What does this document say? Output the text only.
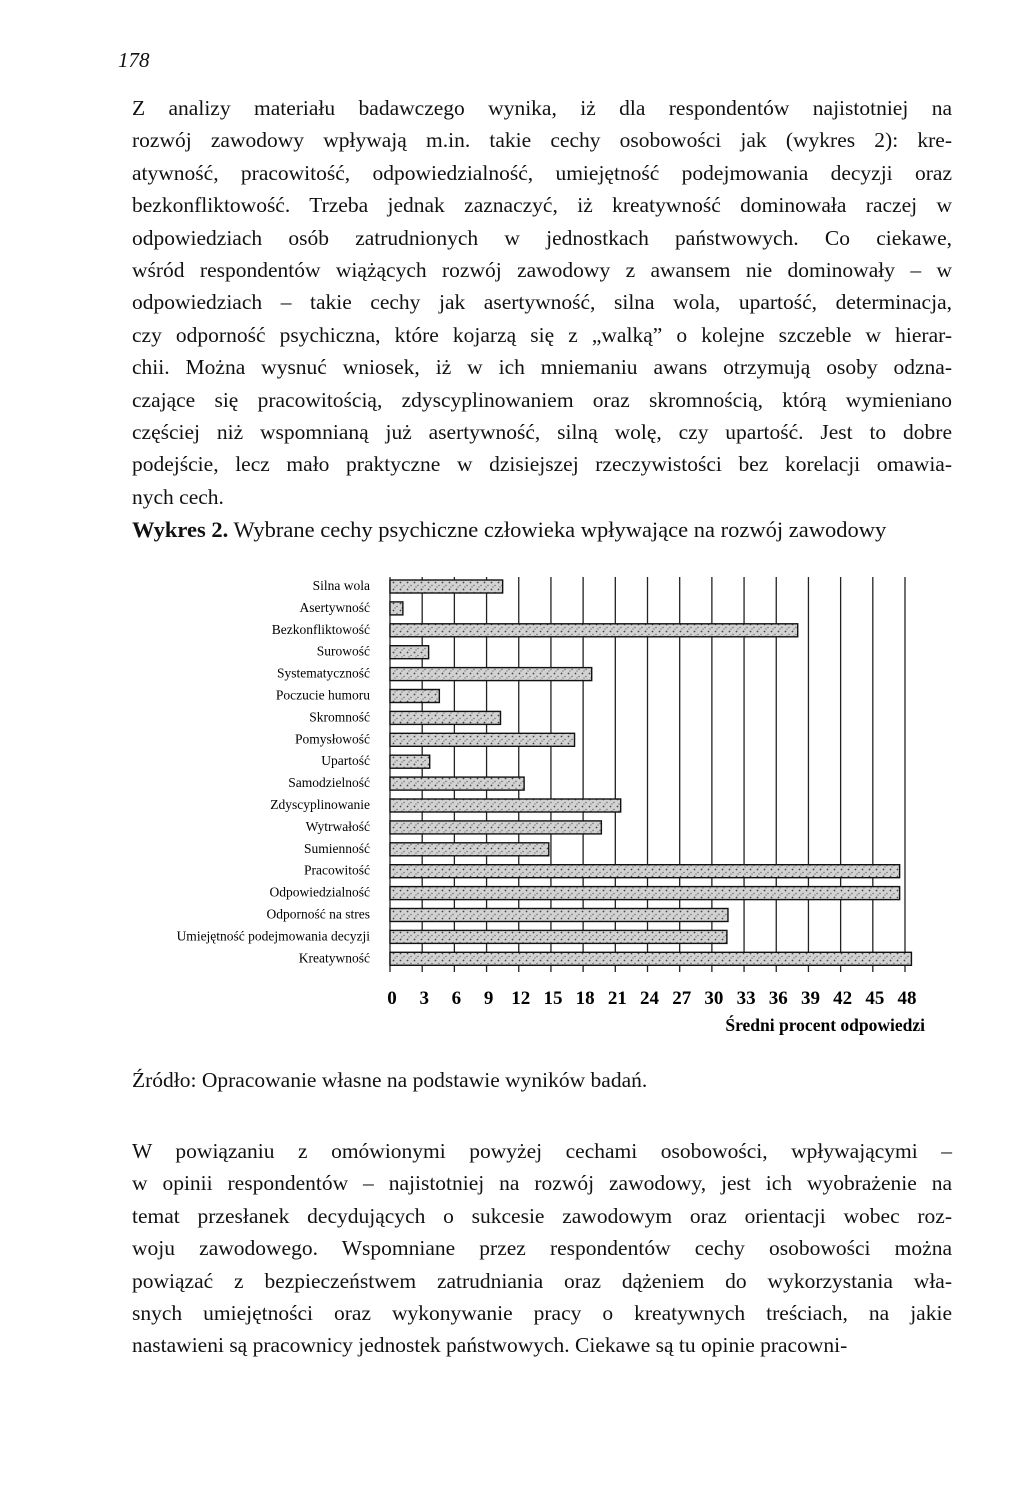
178
Z analizy materiału badawczego wynika, iż dla respondentów najistotniej na
rozwój zawodowy wpływają m.in. takie cechy osobowości jak (wykres 2): kre-
atywność, pracowitość, odpowiedzialność, umiejętność podejmowania decyzji oraz
bezkonfliktowość. Trzeba jednak zaznaczyć, iż kreatywność dominowała raczej w
odpowiedziach osób zatrudnionych w jednostkach państwowych. Co ciekawe,
wśród respondentów wiążących rozwój zawodowy z awansem nie dominowały – w
odpowiedziach – takie cechy jak asertywność, silna wola, upartość, determinacja,
czy odporność psychiczna, które kojarzą się z „walką” o kolejne szczeble w hierar-
chii. Można wysnuć wniosek, iż w ich mniemaniu awans otrzymują osoby odzna-
czające się pracowitością, zdyscyplinowaniem oraz skromnością, którą wymieniano
częściej niż wspomnianą już asertywność, silną wolę, czy upartość. Jest to dobre
podejście, lecz mało praktyczne w dzisiejszej rzeczywistości bez korelacji omawia-
nych cech.
Wykres 2. Wybrane cechy psychiczne człowieka wpływające na rozwój zawodowy
Silna wola
Asertywność
Bezkonfliktowość
Surowość
Systematyczność
Poczucie humoru
Skromność
Pomysłowość
Upartość
Samodzielność
Zdyscyplinowanie
Wytrwałość
Sumienność
Pracowitość
Odpowiedzialność
Odporność na stres
Umiejętność podejmowania decyzji
Kreatywność
0 3 6 9 12 15 18 21 24 27 30 33 36 39 42 45 48
Średni procent odpowiedzi
Źródło: Opracowanie własne na podstawie wyników badań.
W powiązaniu z omówionymi powyżej cechami osobowości, wpływającymi –
w opinii respondentów – najistotniej na rozwój zawodowy, jest ich wyobrażenie na
temat przesłanek decydujących o sukcesie zawodowym oraz orientacji wobec roz-
woju zawodowego. Wspomniane przez respondentów cechy osobowości można
powiązać z bezpieczeństwem zatrudniania oraz dążeniem do wykorzystania wła-
snych umiejętności oraz wykonywanie pracy o kreatywnych treściach, na jakie
nastawieni są pracownicy jednostek państwowych. Ciekawe są tu opinie pracowni-
